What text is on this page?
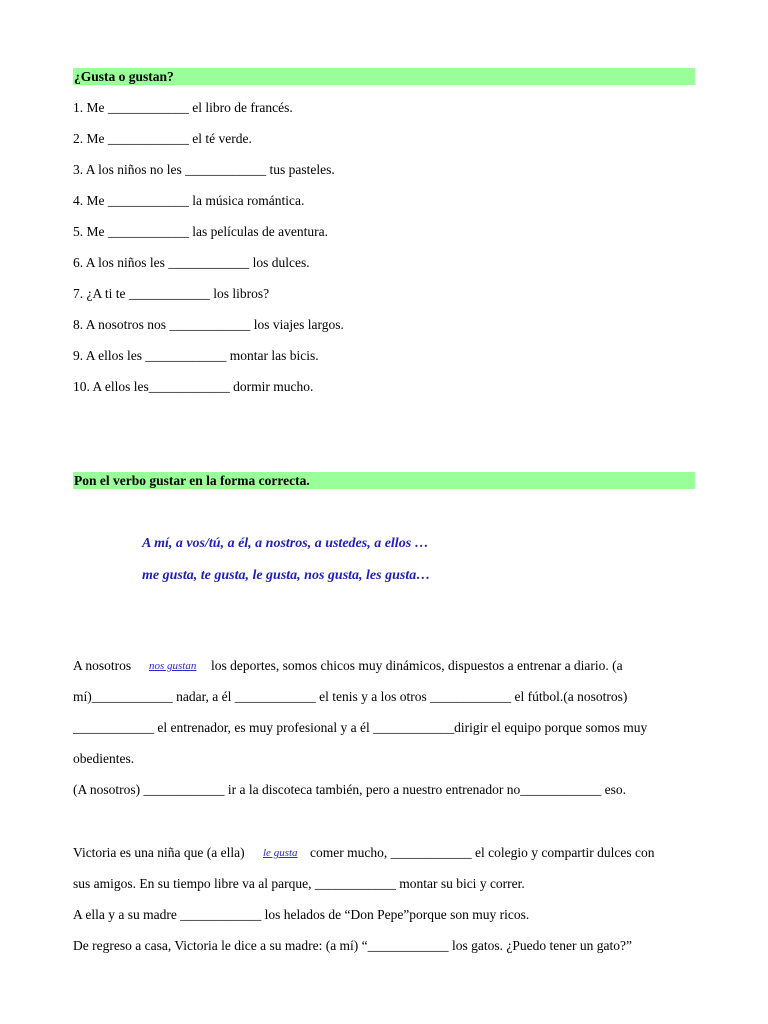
¿Gusta o gustan?
1. Me ____________ el libro de francés.
2. Me ____________ el té verde.
3. A los niños no les ____________ tus pasteles.
4. Me ____________ la música romántica.
5. Me ____________ las películas de aventura.
6. A los niños les ____________ los dulces.
7. ¿A ti te ____________ los libros?
8. A nosotros nos ____________ los viajes largos.
9. A ellos les ____________ montar las bicis.
10. A ellos les____________ dormir mucho.
Pon el verbo gustar en la forma correcta.
A mí, a vos/tú, a él, a nostros, a ustedes, a ellos …
me gusta, te gusta, le gusta, nos gusta, les gusta…
A nosotros nos gustan los deportes, somos chicos muy dinámicos, dispuestos a entrenar a diario. (a
mí)____________ nadar, a él ____________ el tenis y a los otros ____________ el fútbol.(a nosotros)
____________ el entrenador, es muy profesional y a él ____________dirigir el equipo porque somos muy
obedientes.
(A nosotros) ____________ ir a la discoteca también, pero a nuestro entrenador no____________ eso.
Victoria es una niña que (a ella) le gusta comer mucho, ____________ el colegio y compartir dulces con
sus amigos. En su tiempo libre va al parque, ____________ montar su bici y correr.
A ella y a su madre ____________ los helados de “Don Pepe”porque son muy ricos.
De regreso a casa, Victoria le dice a su madre: (a mí) “____________ los gatos. ¿Puedo tener un gato?”
